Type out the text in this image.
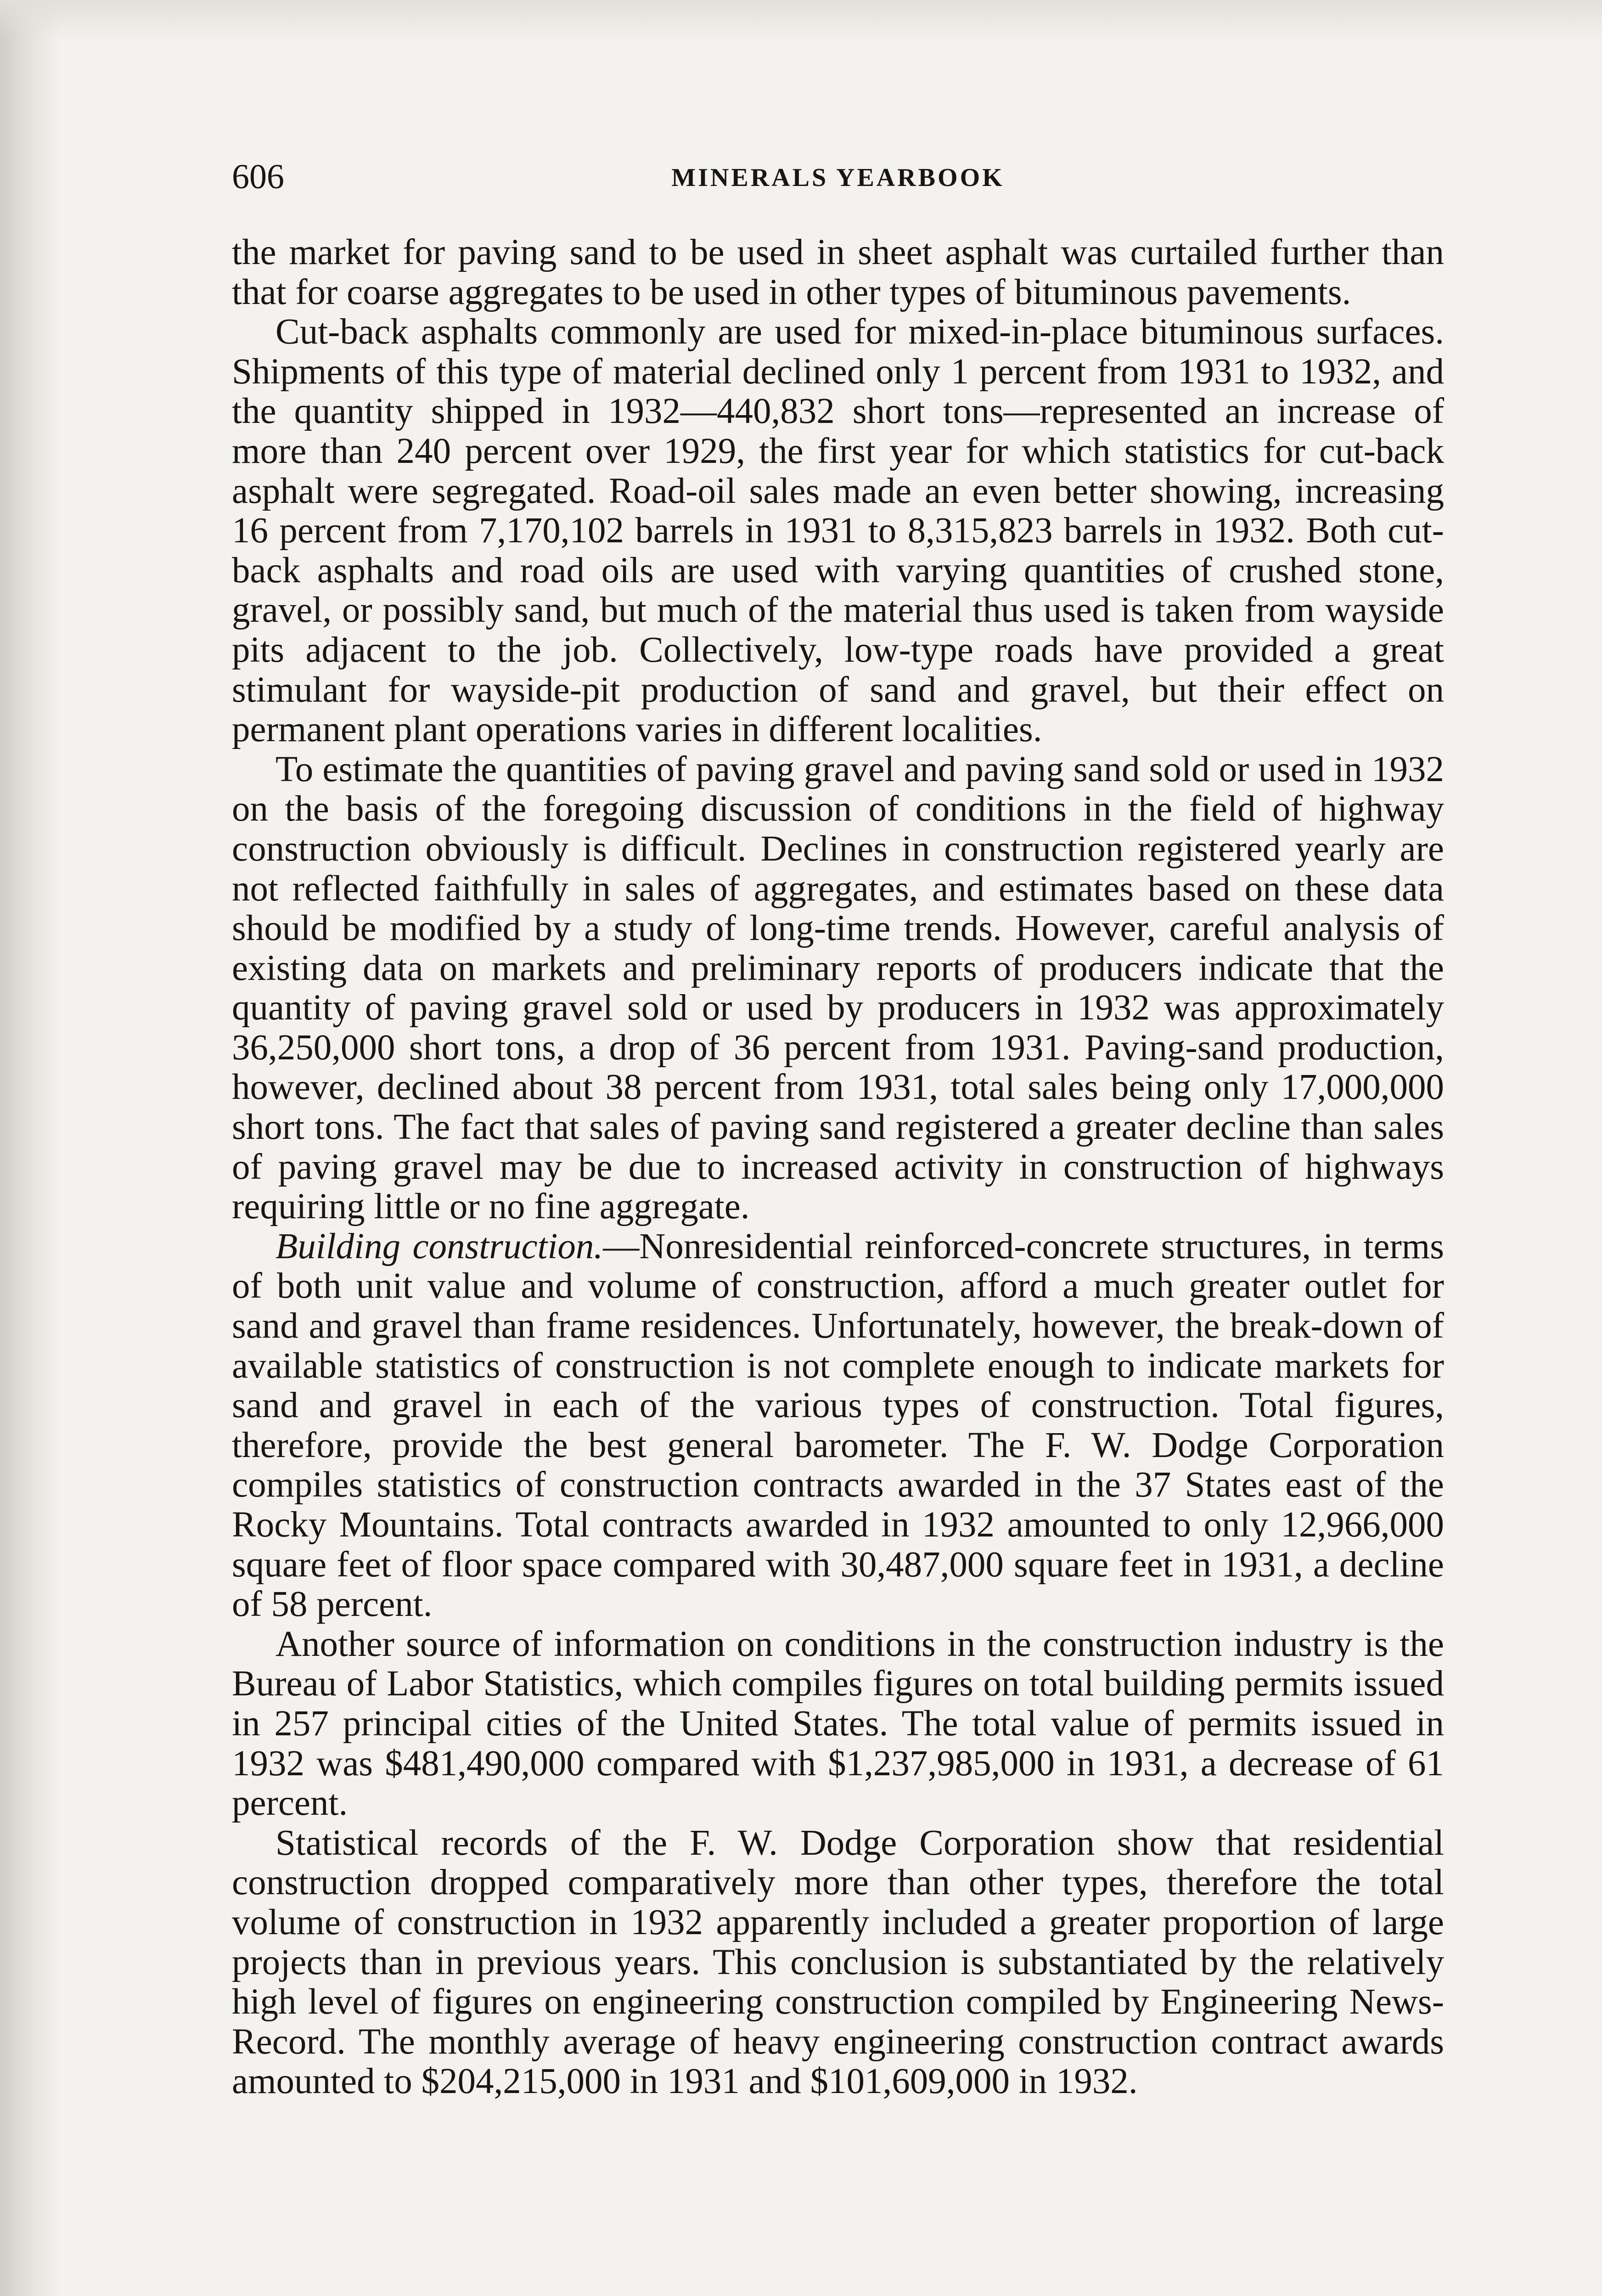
606	MINERALS YEARBOOK

the market for paving sand to be used in sheet asphalt was curtailed further than that for coarse aggregates to be used in other types of bituminous pavements.

Cut-back asphalts commonly are used for mixed-in-place bituminous surfaces. Shipments of this type of material declined only 1 percent from 1931 to 1932, and the quantity shipped in 1932—440,832 short tons—represented an increase of more than 240 percent over 1929, the first year for which statistics for cut-back asphalt were segregated. Road-oil sales made an even better showing, increasing 16 percent from 7,170,102 barrels in 1931 to 8,315,823 barrels in 1932. Both cut-back asphalts and road oils are used with varying quantities of crushed stone, gravel, or possibly sand, but much of the material thus used is taken from wayside pits adjacent to the job. Collectively, low-type roads have provided a great stimulant for wayside-pit production of sand and gravel, but their effect on permanent plant operations varies in different localities.

To estimate the quantities of paving gravel and paving sand sold or used in 1932 on the basis of the foregoing discussion of conditions in the field of highway construction obviously is difficult. Declines in construction registered yearly are not reflected faithfully in sales of aggregates, and estimates based on these data should be modified by a study of long-time trends. However, careful analysis of existing data on markets and preliminary reports of producers indicate that the quantity of paving gravel sold or used by producers in 1932 was approximately 36,250,000 short tons, a drop of 36 percent from 1931. Paving-sand production, however, declined about 38 percent from 1931, total sales being only 17,000,000 short tons. The fact that sales of paving sand registered a greater decline than sales of paving gravel may be due to increased activity in construction of highways requiring little or no fine aggregate.

Building construction.—Nonresidential reinforced-concrete structures, in terms of both unit value and volume of construction, afford a much greater outlet for sand and gravel than frame residences. Unfortunately, however, the break-down of available statistics of construction is not complete enough to indicate markets for sand and gravel in each of the various types of construction. Total figures, therefore, provide the best general barometer. The F. W. Dodge Corporation compiles statistics of construction contracts awarded in the 37 States east of the Rocky Mountains. Total contracts awarded in 1932 amounted to only 12,966,000 square feet of floor space compared with 30,487,000 square feet in 1931, a decline of 58 percent.

Another source of information on conditions in the construction industry is the Bureau of Labor Statistics, which compiles figures on total building permits issued in 257 principal cities of the United States. The total value of permits issued in 1932 was $481,490,000 compared with $1,237,985,000 in 1931, a decrease of 61 percent.

Statistical records of the F. W. Dodge Corporation show that residential construction dropped comparatively more than other types, therefore the total volume of construction in 1932 apparently included a greater proportion of large projects than in previous years. This conclusion is substantiated by the relatively high level of figures on engineering construction compiled by Engineering News-Record. The monthly average of heavy engineering construction contract awards amounted to $204,215,000 in 1931 and $101,609,000 in 1932.
